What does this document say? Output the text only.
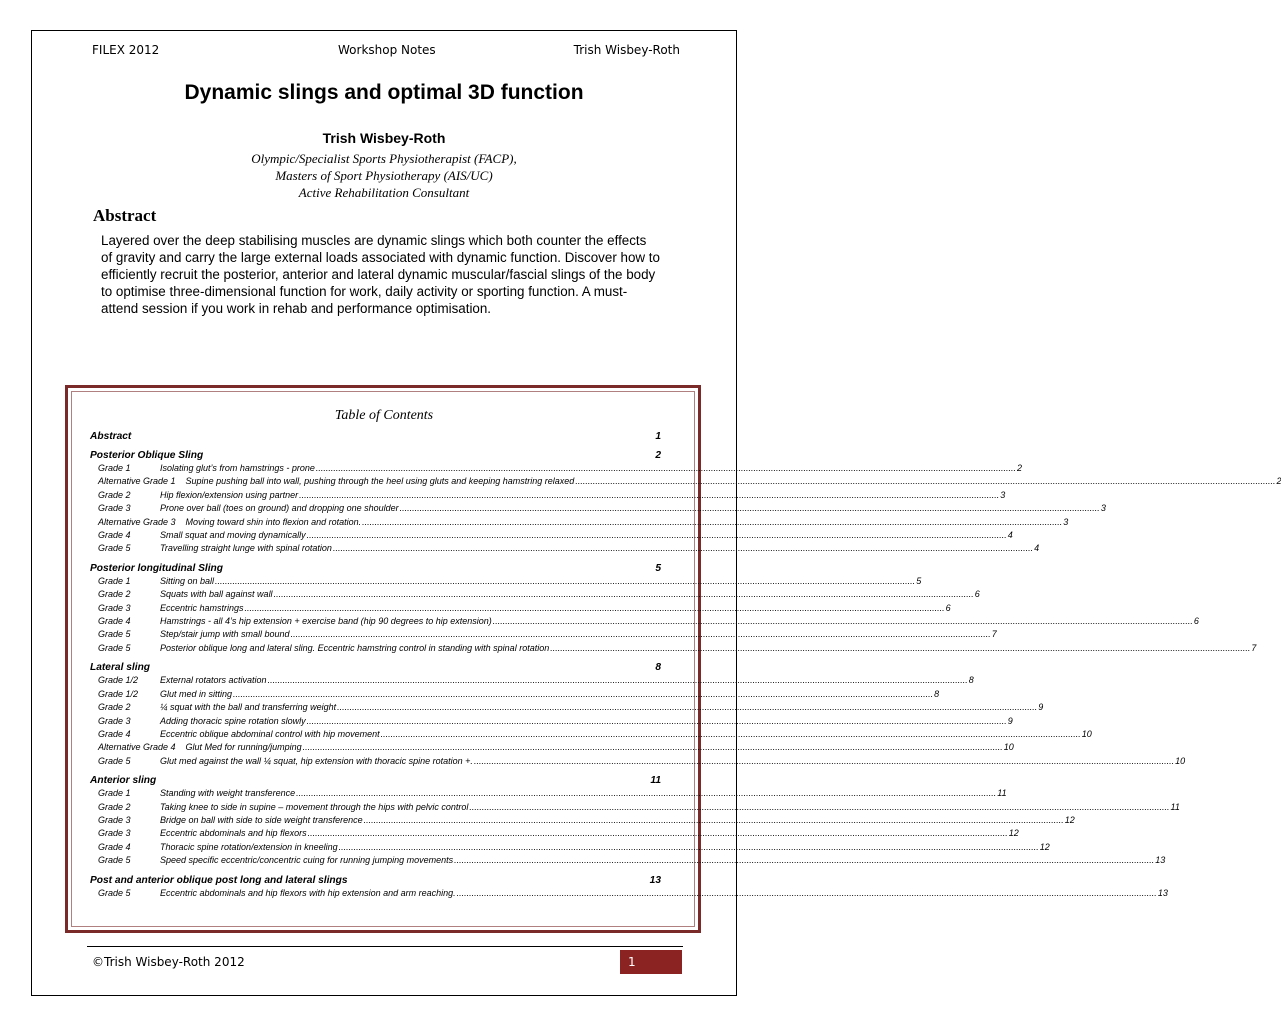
FILEX 2012	Workshop Notes	Trish Wisbey-Roth
Dynamic slings and optimal 3D function
Trish Wisbey-Roth
Olympic/Specialist Sports Physiotherapist (FACP),
Masters of Sport Physiotherapy (AIS/UC)
Active Rehabilitation Consultant
Abstract
Layered over the deep stabilising muscles are dynamic slings which both counter the effects of gravity and carry the large external loads associated with dynamic function. Discover how to efficiently recruit the posterior, anterior and lateral dynamic muscular/fascial slings of the body to optimise three-dimensional function for work, daily activity or sporting function. A must-attend session if you work in rehab and performance optimisation.
Table of Contents
Abstract	1
Posterior Oblique Sling	2
Grade 1	Isolating glut’s from hamstrings - prone .....	2
Alternative Grade 1	Supine pushing ball into wall, pushing through the heel using gluts and keeping hamstring relaxed .....	2
Grade 2	Hip flexion/extension using partner .....	3
Grade 3	Prone over ball (toes on ground) and dropping one shoulder .....	3
Alternative Grade 3	Moving toward shin into flexion and rotation. .....	3
Grade 4	Small squat and moving dynamically .....	4
Grade 5	Travelling straight lunge with spinal rotation .....	4
Posterior longitudinal Sling	5
Grade 1	Sitting on ball .....	5
Grade 2	Squats with ball against wall .....	6
Grade 3	Eccentric hamstrings .....	6
Grade 4	Hamstrings - all 4’s hip extension + exercise band (hip 90 degrees to hip extension) .....	6
Grade 5	Step/stair jump with small bound .....	7
Grade 5	Posterior oblique long and lateral sling. Eccentric hamstring control in standing with spinal rotation .....	7
Lateral sling	8
Grade 1/2	External rotators activation .....	8
Grade 1/2	Glut med in sitting .....	8
Grade 2	¼ squat with the ball and transferring weight .....	9
Grade 3	Adding thoracic spine rotation slowly .....	9
Grade 4	Eccentric oblique abdominal control with hip movement .....	10
Alternative Grade 4	Glut Med for running/jumping .....	10
Grade 5	Glut med against the wall ¼ squat, hip extension with thoracic spine rotation +. .....	10
Anterior sling	11
Grade 1	Standing with weight transference .....	11
Grade 2	Taking knee to side in supine – movement through the hips with pelvic control .....	11
Grade 3	Bridge on ball with side to side weight transference .....	12
Grade 3	Eccentric abdominals and hip flexors .....	12
Grade 4	Thoracic spine rotation/extension in kneeling .....	12
Grade 5	Speed specific eccentric/concentric cuing for running jumping movements .....	13
Post and anterior oblique post long and lateral slings	13
Grade 5	Eccentric abdominals and hip flexors with hip extension and arm reaching. .....	13
©Trish Wisbey-Roth 2012	1
